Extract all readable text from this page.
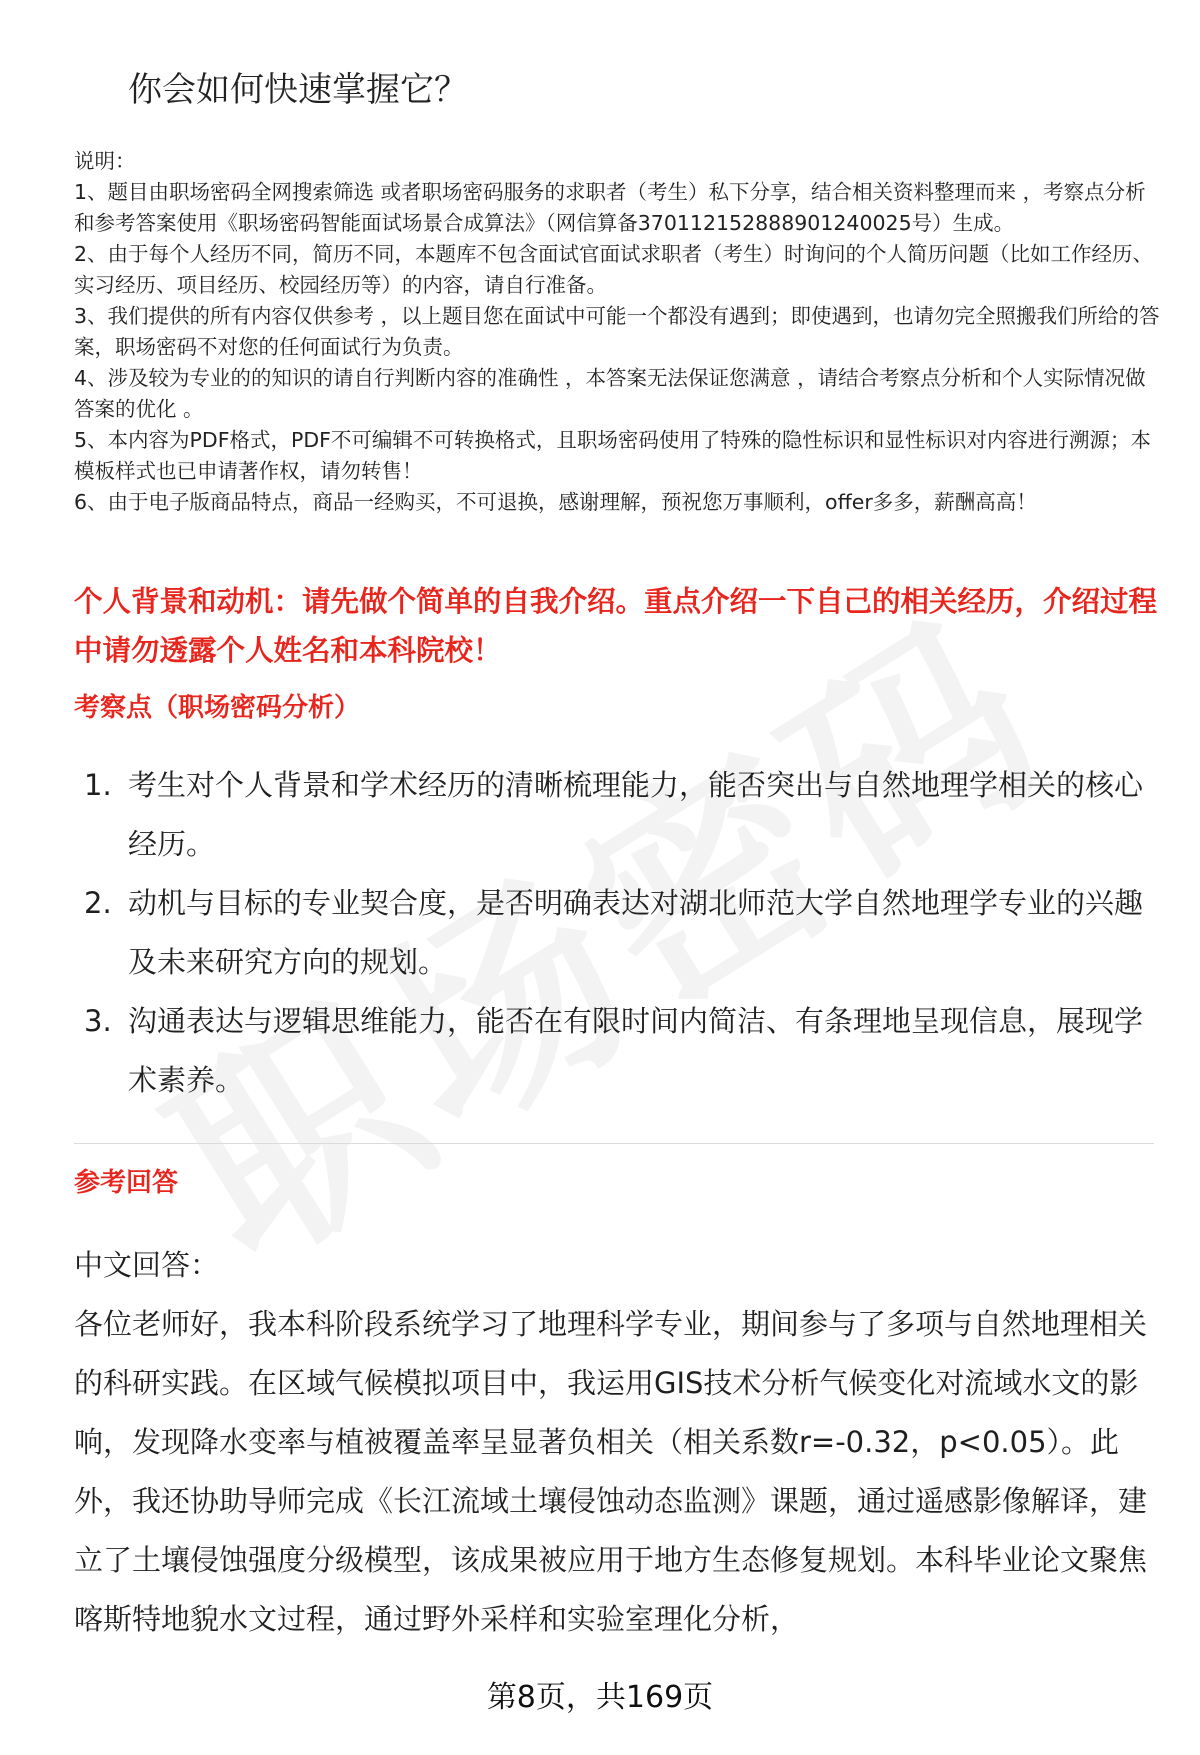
你会如何快速掌握它？

说明：

1、题目由职场密码全网搜索筛选 或者职场密码服务的求职者（考生）私下分享，结合相关资料整理而来 ，考察点分析和参考答案使用《职场密码智能面试场景合成算法》（网信算备370112152888901240025号）生成。

2、由于每个人经历不同，简历不同，本题库不包含面试官面试求职者（考生）时询问的个人简历问题（比如工作经历、实习经历、项目经历、校园经历等）的内容，请自行准备。

3、我们提供的所有内容仅供参考 ，以上题目您在面试中可能一个都没有遇到；即使遇到，也请勿完全照搬我们所给的答案，职场密码不对您的任何面试行为负责。

4、涉及较为专业的的知识的请自行判断内容的准确性 ，本答案无法保证您满意 ，请结合考察点分析和个人实际情况做答案的优化 。

5、本内容为PDF格式，PDF不可编辑不可转换格式，且职场密码使用了特殊的隐性标识和显性标识对内容进行溯源；本模板样式也已申请著作权，请勿转售！

6、由于电子版商品特点，商品一经购买，不可退换，感谢理解，预祝您万事顺利，offer多多，薪酬高高！

个人背景和动机：请先做个简单的自我介绍。重点介绍一下自己的相关经历，介绍过程中请勿透露个人姓名和本科院校！
考察点（职场密码分析）
1. 考生对个人背景和学术经历的清晰梳理能力，能否突出与自然地理学相关的核心经历。
2. 动机与目标的专业契合度，是否明确表达对湖北师范大学自然地理学专业的兴趣及未来研究方向的规划。
3. 沟通表达与逻辑思维能力，能否在有限时间内简洁、有条理地呈现信息，展现学术素养。
参考回答
中文回答：
各位老师好，我本科阶段系统学习了地理科学专业，期间参与了多项与自然地理相关的科研实践。在区域气候模拟项目中，我运用GIS技术分析气候变化对流域水文的影响，发现降水变率与植被覆盖率呈显著负相关（相关系数r=-0.32，p<0.05）。此外，我还协助导师完成《长江流域土壤侵蚀动态监测》课题，通过遥感影像解译，建立了土壤侵蚀强度分级模型，该成果被应用于地方生态修复规划。本科毕业论文聚焦喀斯特地貌水文过程，通过野外采样和实验室理化分析，
第8页，共169页
